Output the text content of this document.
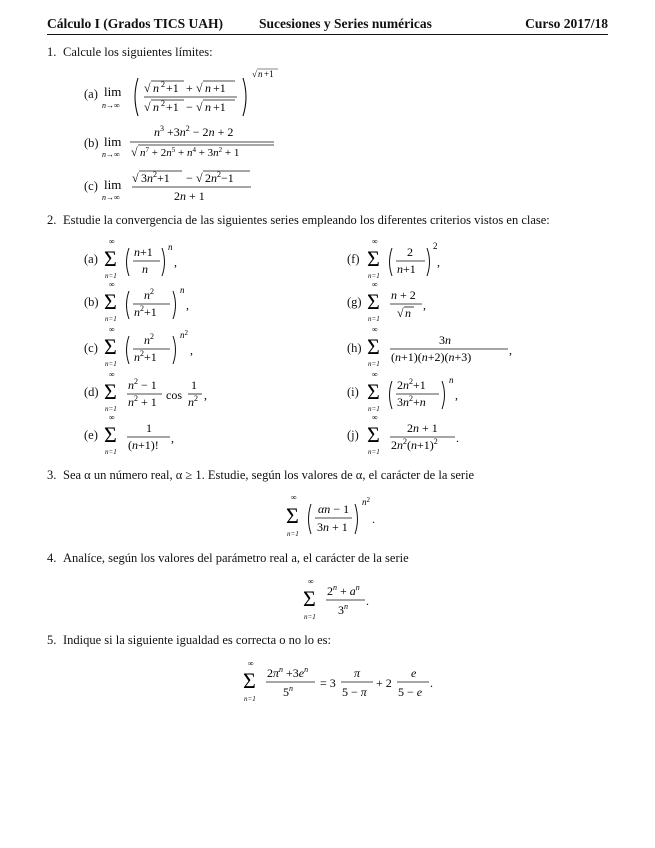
Cálculo I (Grados TICS UAH)	Sucesiones y Series numéricas	Curso 2017/18
1. Calcule los siguientes límites:
(a) lim
n→∞
√ n 2 +1 + √ n +1
√ n 2 +1 − √ n +1
√ n +1
(b) lim
n→∞
$n^3 +3n^2 - 2n + 2$
√ $n^7 + 2n^5 + n^4 + 3n^2 + 1$
(c) lim
n→∞
√ $3n^2+1$ − √ $2n^2-1$
2n + 1
2. Estudie la convergencia de las siguientes series empleando los diferentes criterios vistos en clase:
(a)
∞
Σ
n=1
n+1
n
n
,
(b)
∞
Σ
n=1
$n^2$
$n^2+1$
n
,
(c)
∞
Σ
n=1
$n^2$
$n^2+1$
$n^2$
,
(d)
∞
Σ
n=1
$n^2 - 1$
$n^2 + 1$ cos
1
$n^2$ ,
(e)
∞
Σ
n=1
1
(n+1)! ,
(f)
∞
Σ
n=1
2
n+1
2
,
(g)
∞
Σ
n=1
n + 2
√ n
,
(h)
∞
Σ
n=1
3n
(n+1)(n+2)(n+3)	,
(i)
∞
Σ
n=1
$2n^2+1$
$3n^2+n$
n
,
(j)
∞
Σ
n=1
2n + 1
$2n^2(n+1)^2$ .
3. Sea α un número real, α ≥ 1. Estudie, según los valores de α, el carácter de la serie
∞
Σ
n=1
αn − 1
3n + 1
$n^2$
.
4. Analíce, según los valores del parámetro real a, el carácter de la serie
∞
Σ
n=1
$2^n + a^n$
3$^n$ .
5. Indique si la siguiente igualdad es correcta o no lo es:
∞
Σ
n=1
$2\pi^n +3e^n$
$5^n = 3$
π
5 − π
+ 2
e
5 − e
.
